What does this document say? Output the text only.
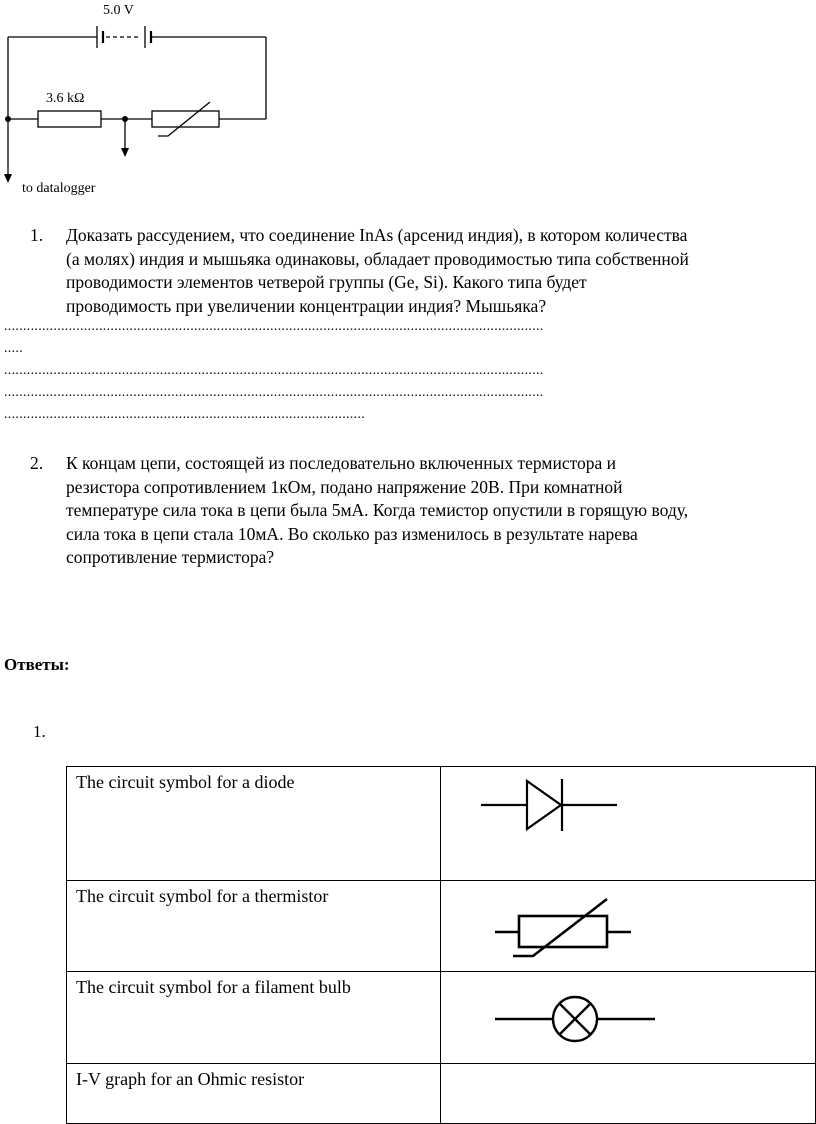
5.0 V
3.6 kΩ
to datalogger
1. Доказать рассудением, что соединение InAs (арсенид индия), в котором количества
(а молях) индия и мышьяка одинаковы, обладает проводимостью типа собственной
проводимости элементов четверой группы (Ge, Si). Какого типа будет
проводимость при увеличении концентрации индия? Мышьяка?
..............................................................................................................................................
.....
..............................................................................................................................................
..............................................................................................................................................
...............................................................................................
2. К концам цепи, состоящей из последовательно включенных термистора и
резистора сопротивлением 1кОм, подано напряжение 20В. При комнатной
температуре сила тока в цепи была 5мА. Когда темистор опустили в горящую воду,
сила тока в цепи стала 10мА. Во сколько раз изменилось в результате нарева
сопротивление термистора?
Ответы:
1.
The circuit symbol for a diode	

The circuit symbol for a thermistor	

The circuit symbol for a filament bulb	

I-V graph for an Ohmic resistor	
